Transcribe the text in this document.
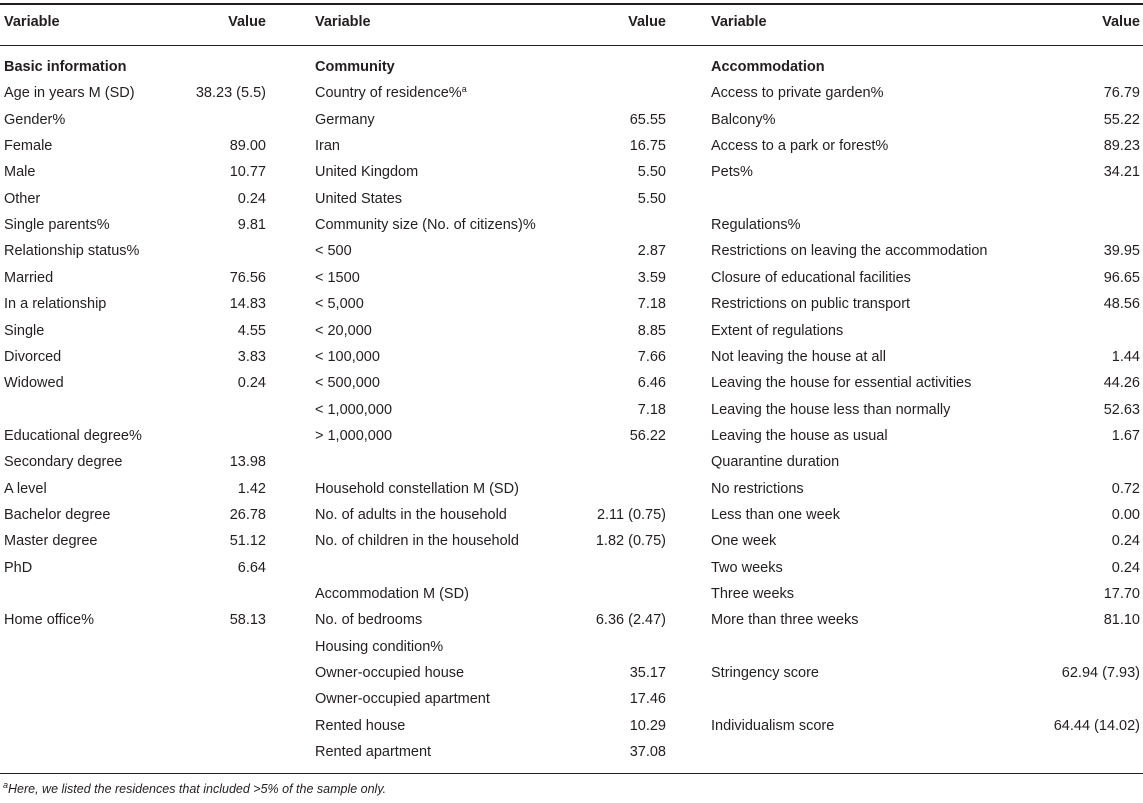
Variable	Value	Variable	Value	Variable	Value
Basic information
Age in years M (SD)	38.23 (5.5)
Gender%
Female	89.00
Male	10.77
Other	0.24
Single parents%	9.81
Relationship status%
Married	76.56
In a relationship	14.83
Single	4.55
Divorced	3.83
Widowed	0.24
Educational degree%
Secondary degree	13.98
A level	1.42
Bachelor degree	26.78
Master degree	51.12
PhD	6.64
Home office%	58.13
Community
Country of residence%$^a$
Germany	65.55
Iran	16.75
United Kingdom	5.50
United States	5.50
Community size (No. of citizens)%
< 500	2.87
< 1500	3.59
< 5,000	7.18
< 20,000	8.85
< 100,000	7.66
< 500,000	6.46
< 1,000,000	7.18
> 1,000,000	56.22
Household constellation M (SD)
No. of adults in the household	2.11 (0.75)
No. of children in the household	1.82 (0.75)
Accommodation M (SD)
No. of bedrooms	6.36 (2.47)
Housing condition%
Owner-occupied house	35.17
Owner-occupied apartment	17.46
Rented house	10.29
Rented apartment	37.08
Accommodation
Access to private garden%	76.79
Balcony%	55.22
Access to a park or forest%	89.23
Pets%	34.21
Regulations%
Restrictions on leaving the accommodation	39.95
Closure of educational facilities	96.65
Restrictions on public transport	48.56
Extent of regulations
Not leaving the house at all	1.44
Leaving the house for essential activities	44.26
Leaving the house less than normally	52.63
Leaving the house as usual	1.67
Quarantine duration
No restrictions	0.72
Less than one week	0.00
One week	0.24
Two weeks	0.24
Three weeks	17.70
More than three weeks	81.10
Stringency score	62.94 (7.93)
Individualism score	64.44 (14.02)
$^a$Here, we listed the residences that included >5% of the sample only.
